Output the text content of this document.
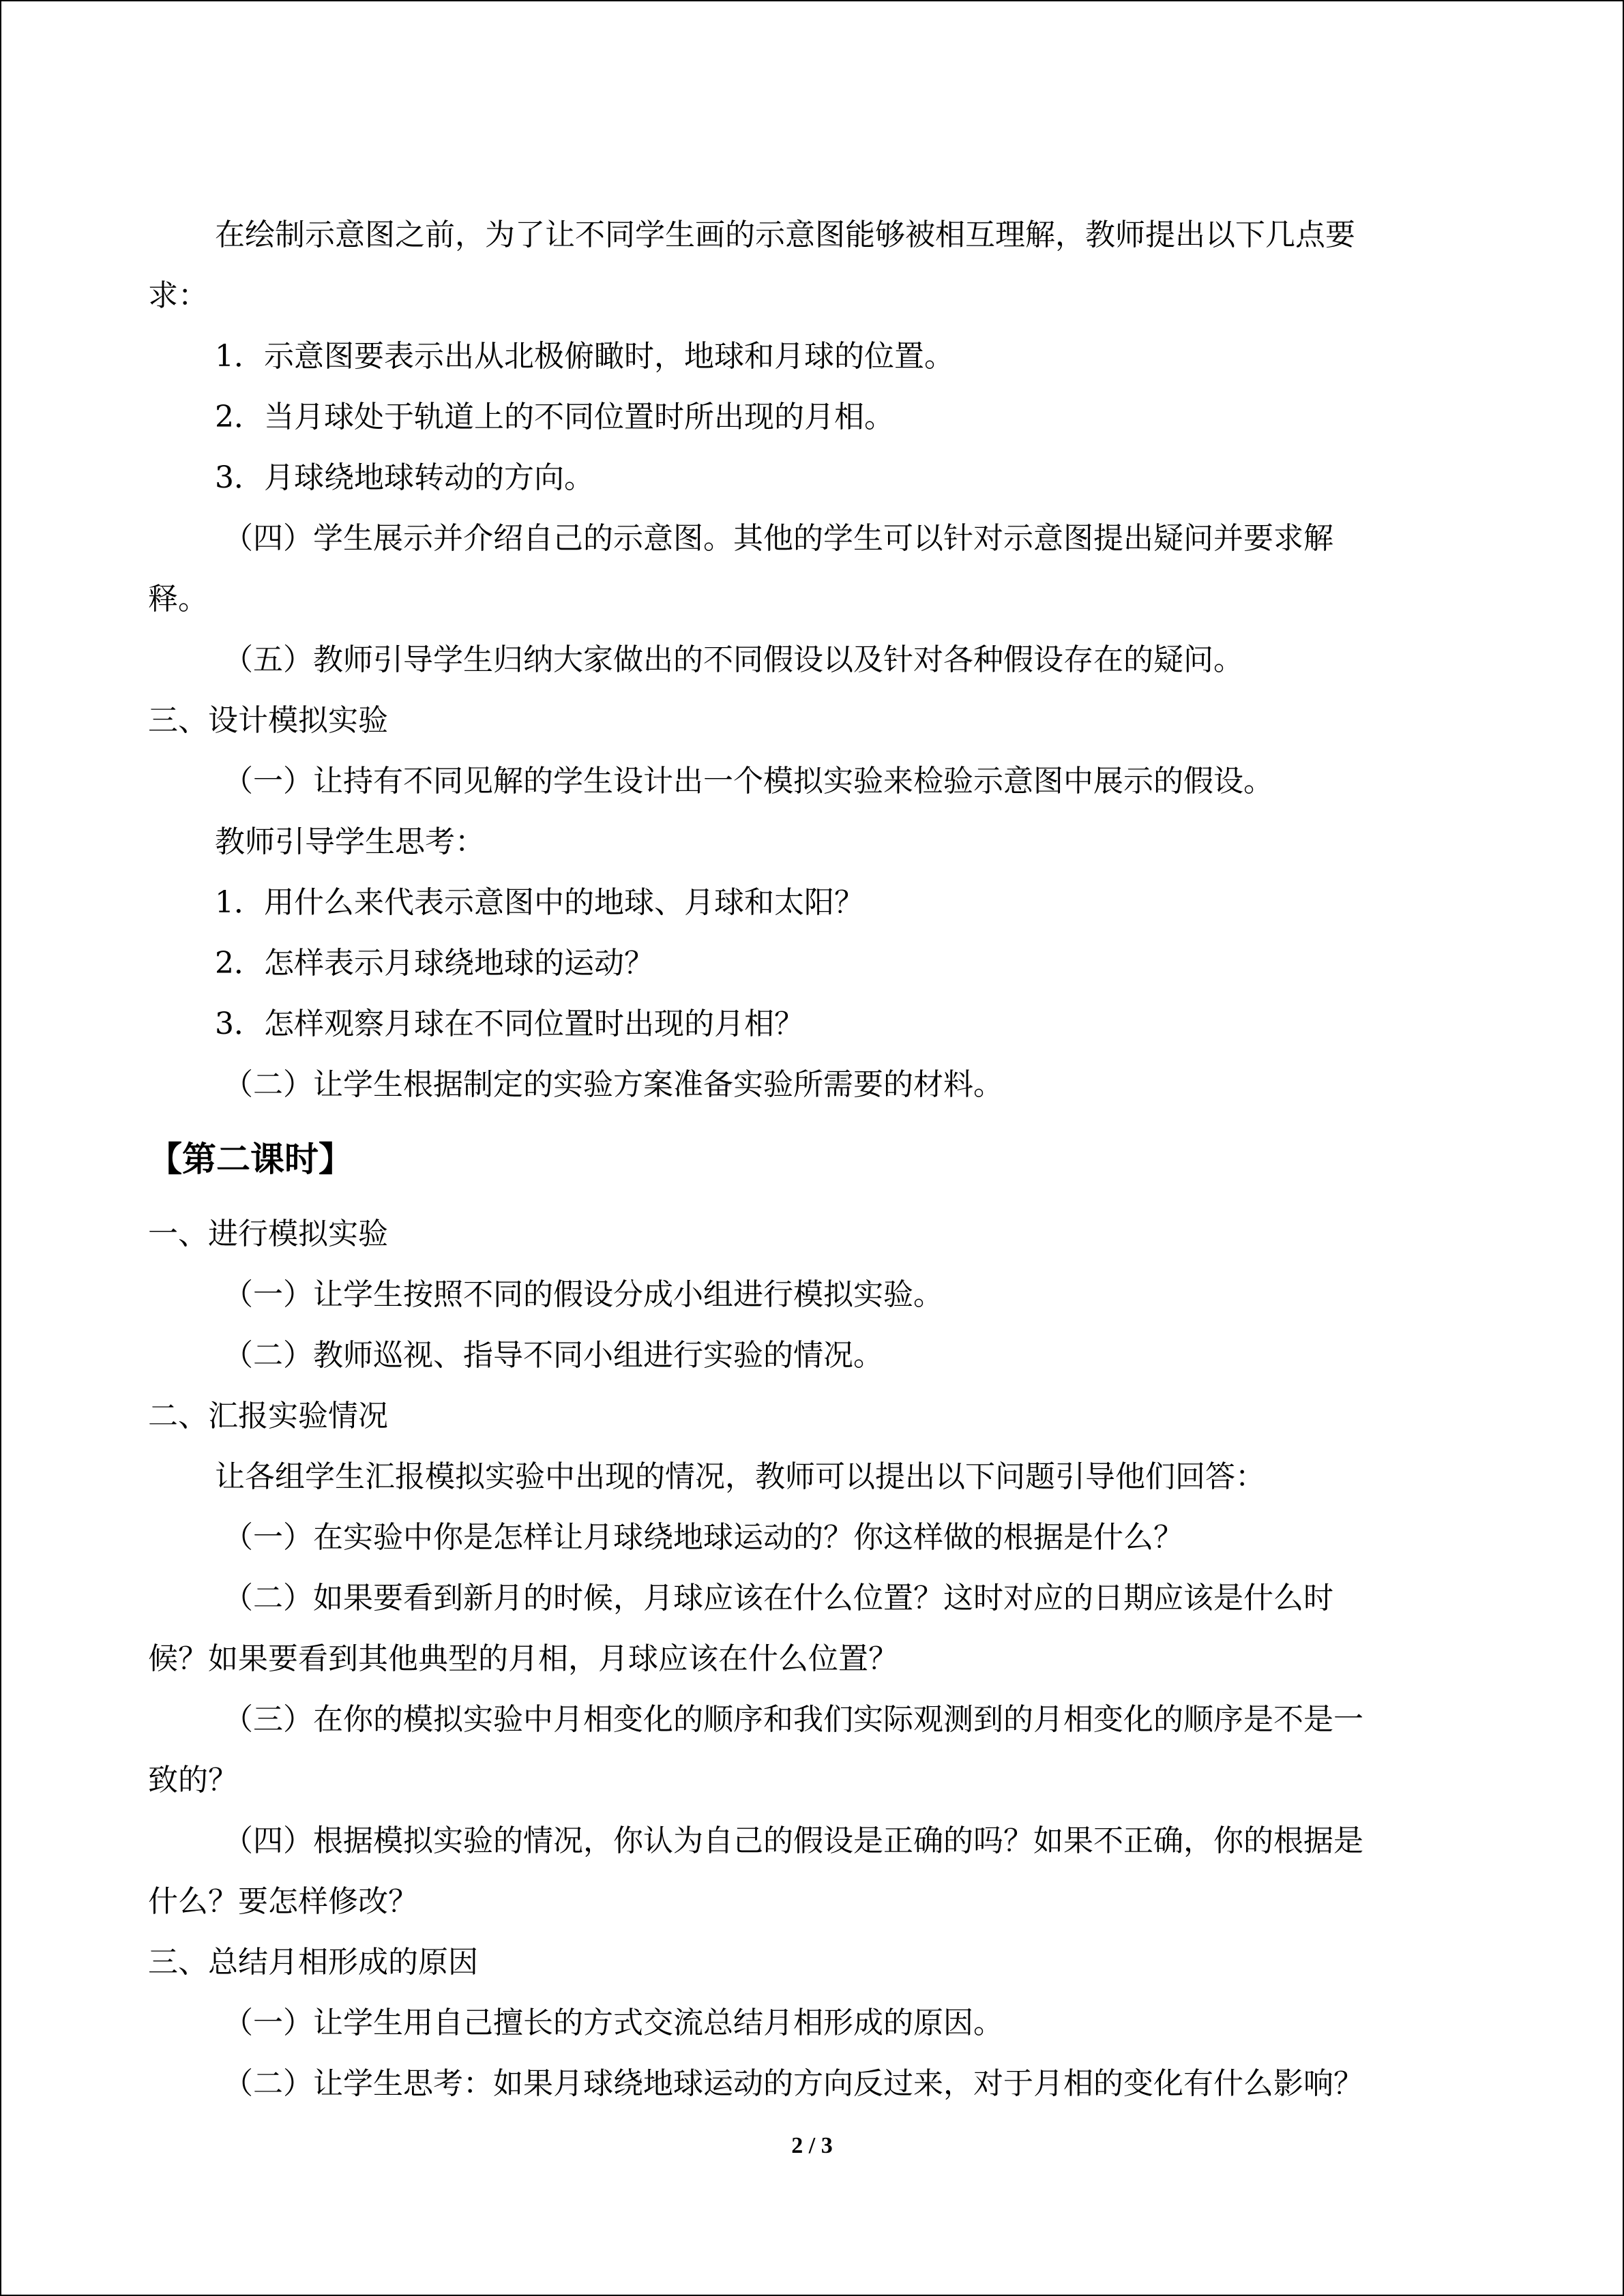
在绘制示意图之前，为了让不同学生画的示意图能够被相互理解，教师提出以下几点要
求：
1．示意图要表示出从北极俯瞰时，地球和月球的位置。
2．当月球处于轨道上的不同位置时所出现的月相。
3．月球绕地球转动的方向。
（四）学生展示并介绍自己的示意图。其他的学生可以针对示意图提出疑问并要求解
释。
（五）教师引导学生归纳大家做出的不同假设以及针对各种假设存在的疑问。
三、设计模拟实验
（一）让持有不同见解的学生设计出一个模拟实验来检验示意图中展示的假设。
教师引导学生思考：
1．用什么来代表示意图中的地球、月球和太阳？
2．怎样表示月球绕地球的运动？
3．怎样观察月球在不同位置时出现的月相？
（二）让学生根据制定的实验方案准备实验所需要的材料。
【第二课时】
一、进行模拟实验
（一）让学生按照不同的假设分成小组进行模拟实验。
（二）教师巡视、指导不同小组进行实验的情况。
二、汇报实验情况
让各组学生汇报模拟实验中出现的情况，教师可以提出以下问题引导他们回答：
（一）在实验中你是怎样让月球绕地球运动的？你这样做的根据是什么？
（二）如果要看到新月的时候，月球应该在什么位置？这时对应的日期应该是什么时
候？如果要看到其他典型的月相，月球应该在什么位置？
（三）在你的模拟实验中月相变化的顺序和我们实际观测到的月相变化的顺序是不是一
致的？
（四）根据模拟实验的情况，你认为自己的假设是正确的吗？如果不正确，你的根据是
什么？要怎样修改？
三、总结月相形成的原因
（一）让学生用自己擅长的方式交流总结月相形成的原因。
（二）让学生思考：如果月球绕地球运动的方向反过来，对于月相的变化有什么影响？
2 / 3
